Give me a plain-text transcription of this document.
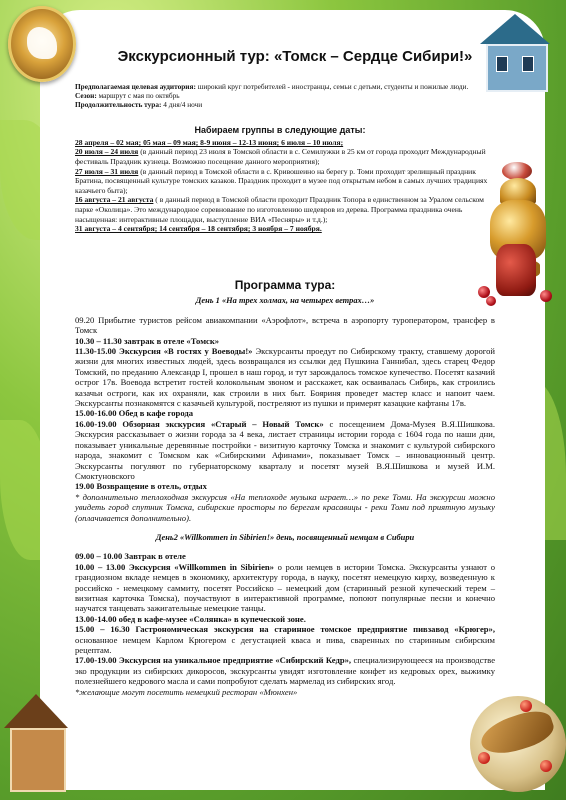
Экскурсионный тур: «Томск – Сердце Сибири!»

Предполагаемая целевая аудитория: широкий круг потребителей - иностранцы, семьи с детьми, студенты и пожилые люди.

Сезон: маршрут с мая по октябрь

Продолжительность тура: 4 дня/4 ночи

Набираем группы в следующие даты:

28 апреля – 02 мая; 05 мая – 09 мая; 8-9 июня – 12-13 июня; 6 июля – 10 июля;

20 июля – 24 июля (в данный период 23 июля в Томской области в с. Семилужки в 25 км от города проходит Международный фестиваль Праздник кузнеца. Возможно посещение данного мероприятия);

27 июля – 31 июля (в данный период в Томской области в с. Кривошеино на берегу р. Томи проходит зрелищный праздник Братина, посвященный культуре томских казаков. Праздник проходит в музее под открытым небом в самых лучших традициях казачьего быта);

16 августа – 21 августа ( в данный период в Томской области проходит Праздник Топора в единственном за Уралом сельском парке «Околица». Это международное соревнование по изготовлению шедевров из дерева. Программа праздника очень насыщенная: интерактивные площадки, выступление ВИА «Песняры» и т.д.);

31 августа – 4 сентября; 14 сентября – 18 сентября; 3 ноября – 7 ноября.

Программа тура:

День 1 «На трех холмах, на четырех ветрах…»

09.20 Прибытие туристов рейсом авиакомпании «Аэрофлот», встреча в аэропорту туроператором, трансфер в Томск

10.30 – 11.30 завтрак в отеле «Томск»

11.30-15.00 Экскурсия «В гостях у Воеводы!» Экскурсанты проедут по Сибирскому тракту, ставшему дорогой жизни для многих известных людей, здесь возвращался из ссылки дед Пушкина Ганнибал, здесь старец Федор Томский, по преданию Александр I, прошел в наш город, и тут зарождалось томское купечество. Посетят казачий острог 17в. Воевода встретит гостей колокольным звоном и расскажет, как осваивалась Сибирь, как строились казачьи остроги, как их охраняли, как строили в них быт. Бояриня проведет мастер класс и напоит чаем. Экскурсанты познакомятся с казачьей культурой, постреляют из пушки и примерят казацкие кафтаны 17в.

15.00-16.00 Обед в кафе города

16.00-19.00 Обзорная экскурсия «Старый – Новый Томск» с посещением Дома-Музея В.Я.Шишкова. Экскурсия рассказывает о жизни города за 4 века, листает страницы истории города с 1604 года по наши дни, показывает уникальные деревянные постройки - визитную карточку Томска и знакомит с культурой сибирского народа, знакомит с Томском как «Сибирскими Афинами», показывает Томск – инновационный центр. Экскурсанты погуляют по губернаторскому кварталу и посетят музей В.Я.Шишкова и музей И.М. Смоктуновского

19.00 Возвращение в отель, отдых

* дополнительно теплоходная экскурсия «На теплоходе музыка играет…» по реке Томи. На экскурсии можно увидеть город спутник Томска, сибирские просторы по берегам красавицы - реки Томи под приятную музыку (оплачивается дополнительно).

День2 «Willkommen in Sibirien!» день, посвященный немцам в Сибири

09.00 – 10.00 Завтрак в отеле

10.00 – 13.00 Экскурсия «Willkommen in Sibirien» о роли немцев в истории Томска. Экскурсанты узнают о грандиозном вкладе немцев в экономику, архитектуру города, в науку, посетят немецкую кирху, возведенную к российско - немецкому саммиту, посетят Российско – немецкий дом (старинный резной купеческий терем – визитная карточка Томска), поучаствуют в интерактивной программе, попоют популярные песни и конечно научатся танцевать зажигательные немецкие танцы.

13.00-14.00 обед в кафе-музее «Солянка» в купеческой зоне.

15.00 – 16.30 Гастрономическая экскурсия на старинное томское предприятие пивзавод «Крюгер», основанное немцем Карлом Крюгером с дегустацией кваса и пива, сваренных по старинным сибирским рецептам.

17.00-19.00 Экскурсия на уникальное предприятие «Сибирский Кедр», специализирующееся на производстве эко продукции из сибирских дикоросов, экскурсанты увидят изготовление конфет из кедровых орех, выжимку полезнейшего кедрового масла и сами попробуют сделать мармелад из сибирских ягод.

*желающие могут посетить немецкий ресторан «Мюнхен»
